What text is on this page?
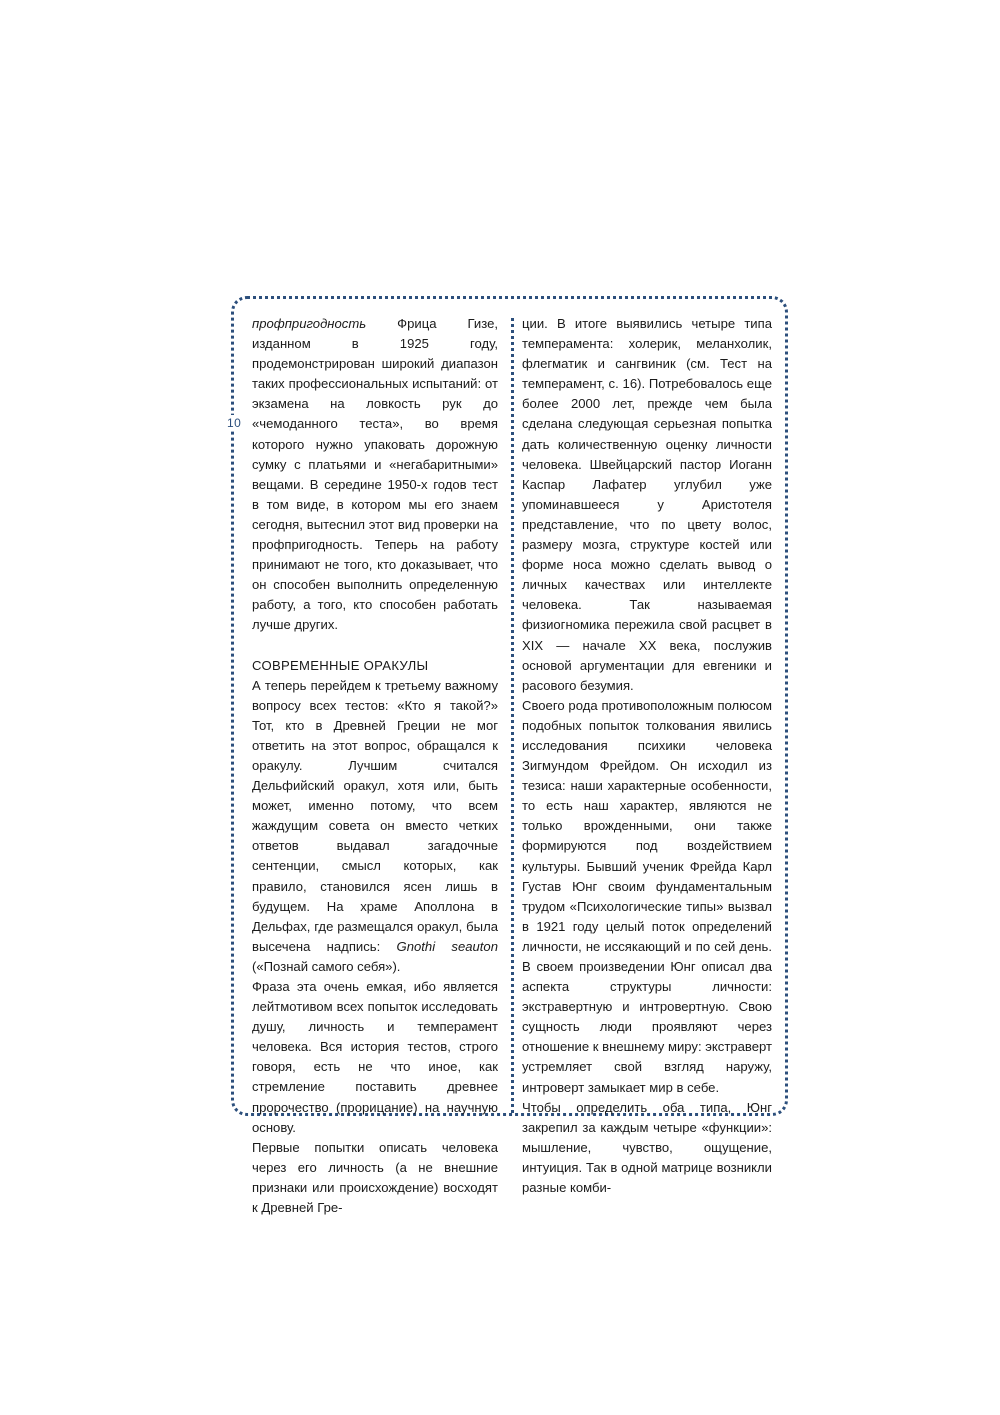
10

профпригодность Фрица Гизе, изданном в 1925 году, продемонстрирован широкий диапазон таких профессиональных испытаний: от экзамена на ловкость рук до «чемоданного теста», во время которого нужно упаковать дорожную сумку с платьями и «негабаритными» вещами. В середине 1950-х годов тест в том виде, в котором мы его знаем сегодня, вытеснил этот вид проверки на профпригодность. Теперь на работу принимают не того, кто доказывает, что он способен выполнить определенную работу, а того, кто способен работать лучше других.

СОВРЕМЕННЫЕ ОРАКУЛЫ

А теперь перейдем к третьему важному вопросу всех тестов: «Кто я такой?» Тот, кто в Древней Греции не мог ответить на этот вопрос, обращался к оракулу. Лучшим считался Дельфийский оракул, хотя или, быть может, именно потому, что всем жаждущим совета он вместо четких ответов выдавал загадочные сентенции, смысл которых, как правило, становился ясен лишь в будущем. На храме Аполлона в Дельфах, где размещался оракул, была высечена надпись: Gnothi seauton («Познай самого себя»).

Фраза эта очень емкая, ибо является лейтмотивом всех попыток исследовать душу, личность и темперамент человека. Вся история тестов, строго говоря, есть не что иное, как стремление поставить древнее пророчество (прорицание) на научную основу.

Первые попытки описать человека через его личность (а не внешние признаки или происхождение) восходят к Древней Гре-

ции. В итоге выявились четыре типа темперамента: холерик, меланхолик, флегматик и сангвиник (см. Тест на темперамент, с. 16). Потребовалось еще более 2000 лет, прежде чем была сделана следующая серьезная попытка дать количественную оценку личности человека. Швейцарский пастор Иоганн Каспар Лафатер углубил уже упоминавшееся у Аристотеля представление, что по цвету волос, размеру мозга, структуре костей или форме носа можно сделать вывод о личных качествах или интеллекте человека. Так называемая физиогномика пережила свой расцвет в XIX — начале XX века, послужив основой аргументации для евгеники и расового безумия.

Своего рода противоположным полюсом подобных попыток толкования явились исследования психики человека Зигмундом Фрейдом. Он исходил из тезиса: наши характерные особенности, то есть наш характер, являются не только врожденными, они также формируются под воздействием культуры. Бывший ученик Фрейда Карл Густав Юнг своим фундаментальным трудом «Психологические типы» вызвал в 1921 году целый поток определений личности, не иссякающий и по сей день. В своем произведении Юнг описал два аспекта структуры личности: экстравертную и интровертную. Свою сущность люди проявляют через отношение к внешнему миру: экстраверт устремляет свой взгляд наружу, интроверт замыкает мир в себе.

Чтобы определить оба типа, Юнг закрепил за каждым четыре «функции»: мышление, чувство, ощущение, интуиция. Так в одной матрице возникли разные комби-
